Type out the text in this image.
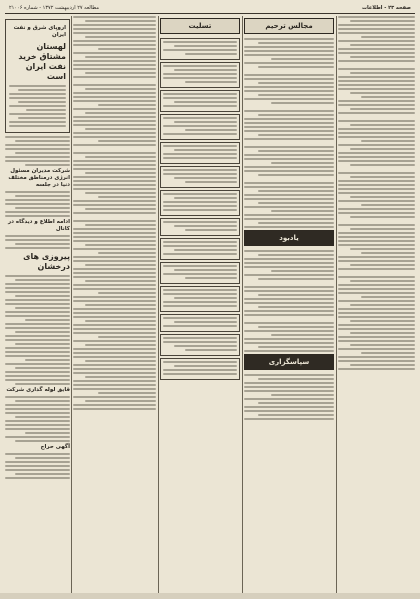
مطالعه ۲۷ اردیبهشت ۱۳۷۲ - شماره ۲۱۰۰۶	صفحه ۲۳ - اطلاعات
اروپای شرق و نفت ایران
لهستان مشتاق خرید نفت ایران است
شرکت مدیران مسئول انرژی درمناطق مختلف دنیا در جلسه
ادامه اطلاع و دیدگاه در کانال
پیروزی های درخشان
قایق لوله گذاری شرکت
آگهی حراج
تسلیت	مجالس ترحیم
یادبود
سپاسگزاری
